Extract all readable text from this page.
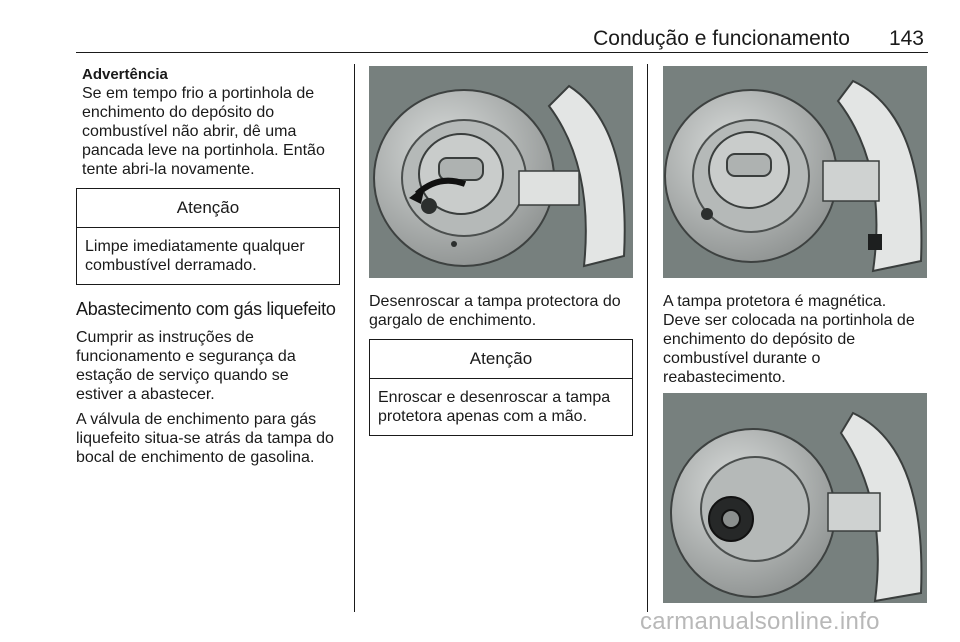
Condução e funcionamento	143
Advertência

Se em tempo frio a portinhola de enchimento do depósito do combustível não abrir, dê uma pancada leve na portinhola. Então tente abri-la novamente.

Atenção
Limpe imediatamente qualquer combustível derramado.
Abastecimento com gás liquefeito

Cumprir as instruções de funcionamento e segurança da estação de serviço quando se estiver a abastecer.

A válvula de enchimento para gás liquefeito situa-se atrás da tampa do bocal de enchimento de gasolina.

Desenroscar a tampa protectora do gargalo de enchimento.

Atenção
Enroscar e desenroscar a tampa protetora apenas com a mão.

A tampa protetora é magnética. Deve ser colocada na portinhola de enchimento do depósito de combustível durante o reabastecimento.

carmanualsonline.info
